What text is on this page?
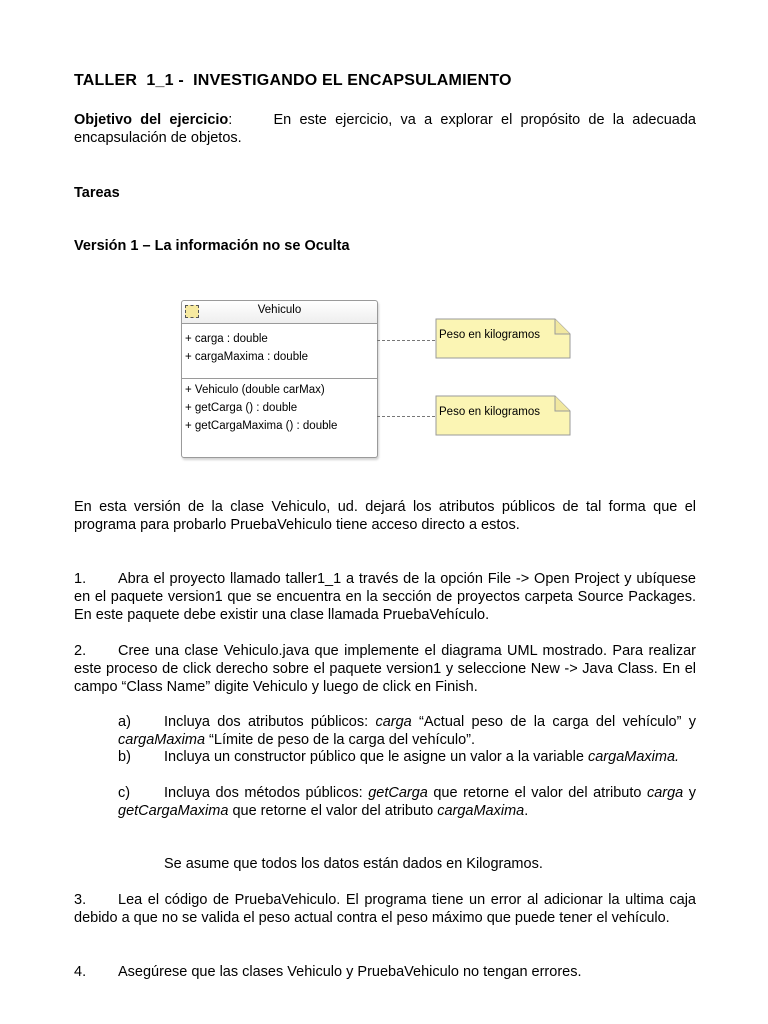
TALLER  1_1 -  INVESTIGANDO EL ENCAPSULAMIENTO
Objetivo del ejercicio:	En este ejercicio, va a explorar el propósito de la adecuada encapsulación de objetos.
Tareas
Versión 1 – La información no se Oculta
Vehiculo
+ carga : double
+ cargaMaxima : double
+ Vehiculo (double carMax)
+ getCarga () : double
+ getCargaMaxima () : double
Peso en kilogramos
Peso en kilogramos
En esta versión de la clase Vehiculo, ud. dejará los atributos públicos de tal forma que el programa para probarlo PruebaVehiculo tiene acceso directo a estos.
1. Abra el proyecto llamado taller1_1 a través de la opción File -> Open Project y ubíquese en el paquete version1 que se encuentra en la sección de proyectos carpeta Source Packages. En este paquete debe existir una clase llamada PruebaVehículo.
2. Cree una clase Vehiculo.java que implemente el diagrama UML mostrado. Para realizar este proceso de click derecho sobre el paquete version1 y seleccione New -> Java Class. En el campo “Class Name” digite Vehiculo y luego de click en Finish.
a) Incluya dos atributos públicos: carga “Actual peso de la carga del vehículo” y cargaMaxima “Límite de peso de la carga del vehículo”.
b) Incluya un constructor público que le asigne un valor a la variable cargaMaxima.
c) Incluya dos métodos públicos: getCarga que retorne el valor del atributo carga y getCargaMaxima que retorne el valor del atributo cargaMaxima.
Se asume que todos los datos están dados en Kilogramos.
3. Lea el código de PruebaVehiculo. El programa tiene un error al adicionar la ultima caja debido a que no se valida el peso actual contra el peso máximo que puede tener el vehículo.
4. Asegúrese que las clases Vehiculo y PruebaVehiculo no tengan errores.
